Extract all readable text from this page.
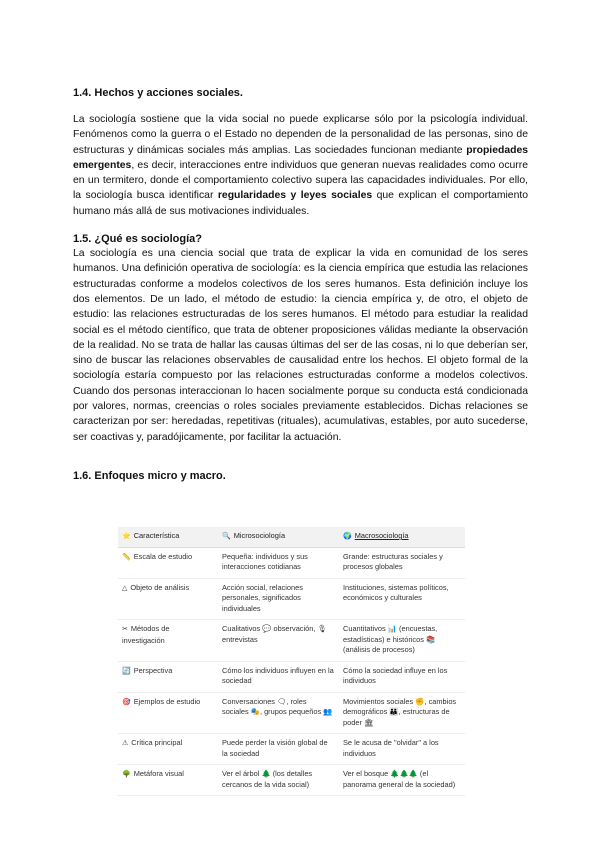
1.4. Hechos y acciones sociales.

La sociología sostiene que la vida social no puede explicarse sólo por la psicología individual. Fenómenos como la guerra o el Estado no dependen de la personalidad de las personas, sino de estructuras y dinámicas sociales más amplias. Las sociedades funcionan mediante propiedades emergentes, es decir, interacciones entre individuos que generan nuevas realidades como ocurre en un termitero, donde el comportamiento colectivo supera las capacidades individuales. Por ello, la sociología busca identificar regularidades y leyes sociales que explican el comportamiento humano más allá de sus motivaciones individuales.

1.5. ¿Qué es sociología?

La sociología es una ciencia social que trata de explicar la vida en comunidad de los seres humanos. Una definición operativa de sociología: es la ciencia empírica que estudia las relaciones estructuradas conforme a modelos colectivos de los seres humanos. Esta definición incluye los dos elementos. De un lado, el método de estudio: la ciencia empírica y, de otro, el objeto de estudio: las relaciones estructuradas de los seres humanos. El método para estudiar la realidad social es el método científico, que trata de obtener proposiciones válidas mediante la observación de la realidad. No se trata de hallar las causas últimas del ser de las cosas, ni lo que deberían ser, sino de buscar las relaciones observables de causalidad entre los hechos. El objeto formal de la sociología estaría compuesto por las relaciones estructuradas conforme a modelos colectivos. Cuando dos personas interaccionan lo hacen socialmente porque su conducta está condicionada por valores, normas, creencias o roles sociales previamente establecidos. Dichas relaciones se caracterizan por ser: heredadas, repetitivas (rituales), acumulativas, estables, por auto sucederse, ser coactivas y, paradójicamente, por facilitar la actuación.

1.6. Enfoques micro y macro.
⭐ Característica	🔍 Microsociología	🌍 Macrosociología
📏 Escala de estudio	Pequeña: individuos y sus interacciones cotidianas	Grande: estructuras sociales y procesos globales
△ Objeto de análisis	Acción social, relaciones personales, significados individuales	Instituciones, sistemas políticos, económicos y culturales
✂ Métodos de investigación	Cualitativos 💬 observación, 🎙 entrevistas	Cuantitativos 📊 (encuestas, estadísticas) e históricos 📚 (análisis de procesos)
🔄 Perspectiva	Cómo los individuos influyen en la sociedad	Cómo la sociedad influye en los individuos
🎯 Ejemplos de estudio	Conversaciones 🗨, roles sociales 🎭, grupos pequeños 👥	Movimientos sociales ✊, cambios demográficos 👪, estructuras de poder 🏛
⚠ Crítica principal	Puede perder la visión global de la sociedad	Se le acusa de "olvidar" a los individuos
🌳 Metáfora visual	Ver el árbol 🌲 (los detalles cercanos de la vida social)	Ver el bosque 🌲🌲🌲 (el panorama general de la sociedad)
